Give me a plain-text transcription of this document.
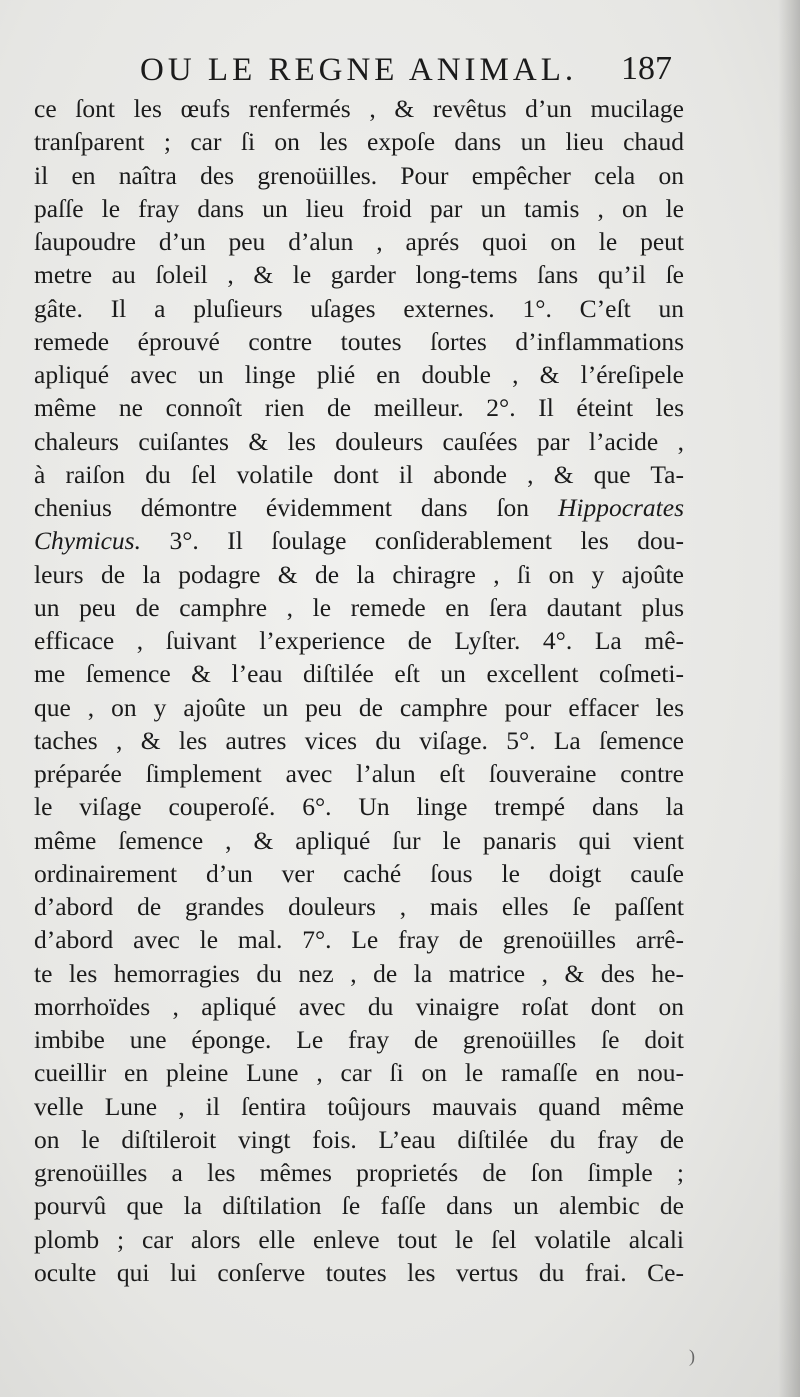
OU LE REGNE ANIMAL. 187
ce ſont les œufs renfermés , & revêtus d’un mucilage
tranſparent ; car ſi on les expoſe dans un lieu chaud
il en naîtra des grenoüilles. Pour empêcher cela on
paſſe le fray dans un lieu froid par un tamis , on le
ſaupoudre d’un peu d’alun , aprés quoi on le peut
metre au ſoleil , & le garder long-tems ſans qu’il ſe
gâte. Il a pluſieurs uſages externes. 1°. C’eſt un
remede éprouvé contre toutes ſortes d’inflammations
apliqué avec un linge plié en double , & l’éreſipele
même ne connoît rien de meilleur. 2°. Il éteint les
chaleurs cuiſantes & les douleurs cauſées par l’acide ,
à raiſon du ſel volatile dont il abonde , & que Ta-
chenius démontre évidemment dans ſon Hippocrates
Chymicus. 3°. Il ſoulage conſiderablement les dou-
leurs de la podagre & de la chiragre , ſi on y ajoûte
un peu de camphre , le remede en ſera dautant plus
efficace , ſuivant l’experience de Lyſter. 4°. La mê-
me ſemence & l’eau diſtilée eſt un excellent coſmeti-
que , on y ajoûte un peu de camphre pour effacer les
taches , & les autres vices du viſage. 5°. La ſemence
préparée ſimplement avec l’alun eſt ſouveraine contre
le viſage couperoſé. 6°. Un linge trempé dans la
même ſemence , & apliqué ſur le panaris qui vient
ordinairement d’un ver caché ſous le doigt cauſe
d’abord de grandes douleurs , mais elles ſe paſſent
d’abord avec le mal. 7°. Le fray de grenoüilles arrê-
te les hemorragies du nez , de la matrice , & des he-
morrhoïdes , apliqué avec du vinaigre roſat dont on
imbibe une éponge. Le fray de grenoüilles ſe doit
cueillir en pleine Lune , car ſi on le ramaſſe en nou-
velle Lune , il ſentira toûjours mauvais quand même
on le diſtileroit vingt fois. L’eau diſtilée du fray de
grenoüilles a les mêmes proprietés de ſon ſimple ;
pourvû que la diſtilation ſe faſſe dans un alembic de
plomb ; car alors elle enleve tout le ſel volatile alcali
oculte qui lui conſerve toutes les vertus du frai. Ce-
)
